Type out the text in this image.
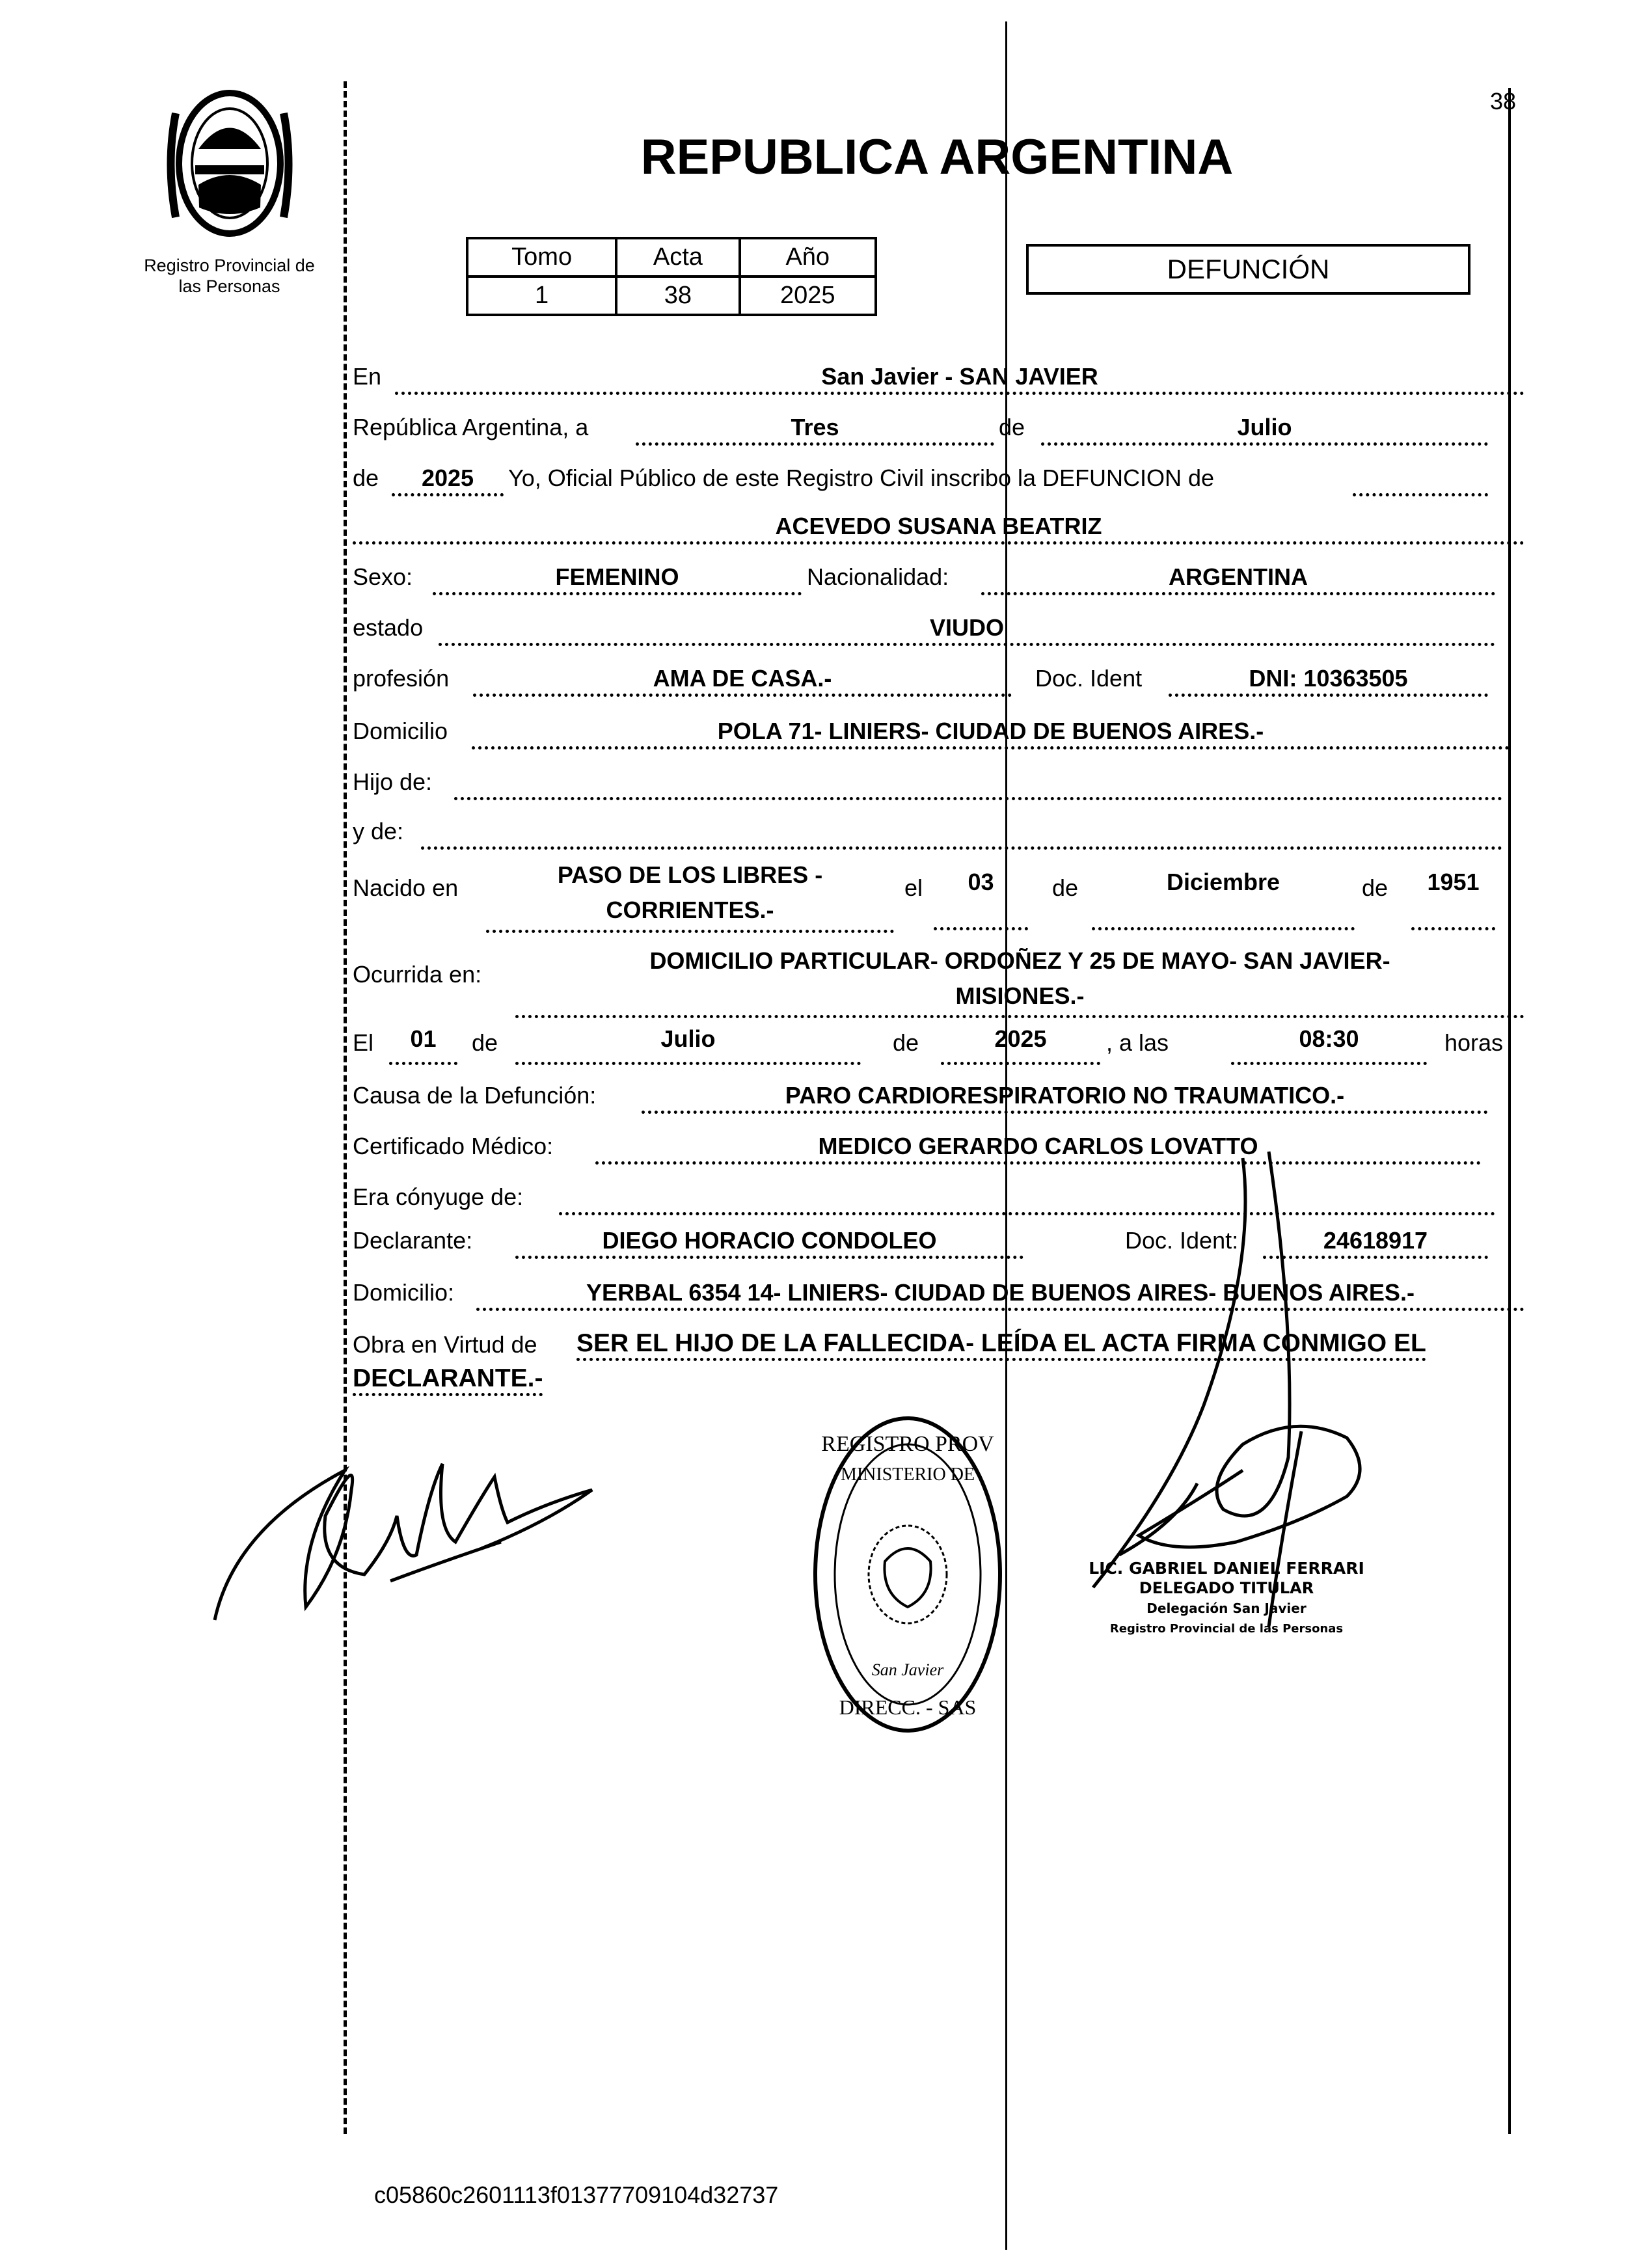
38
Registro Provincial de
las Personas
REPUBLICA ARGENTINA
Tomo	Acta	Año
1	38	2025
DEFUNCIÓN
En	San Javier - SAN JAVIER
República Argentina, a	Tres	de	Julio
de	2025	Yo, Oficial Público de este Registro Civil inscribo la DEFUNCION de
ACEVEDO SUSANA BEATRIZ
Sexo:	FEMENINO	Nacionalidad:	ARGENTINA
estado	VIUDO
profesión	AMA DE CASA.-	Doc. Ident	DNI: 10363505
Domicilio	POLA 71- LINIERS- CIUDAD DE BUENOS AIRES.-
Hijo de:
y de:
Nacido en	PASO DE LOS LIBRES -
CORRIENTES.-
el	03	de	Diciembre	de	1951
Ocurrida en:
DOMICILIO PARTICULAR- ORDOÑEZ Y 25 DE MAYO- SAN JAVIER-
MISIONES.-
El	01	de	Julio	de	2025	, a las	08:30	horas
Causa de la Defunción:	PARO CARDIORESPIRATORIO NO TRAUMATICO.-
Certificado Médico:	MEDICO GERARDO CARLOS LOVATTO
Era cónyuge de:
Declarante:	DIEGO HORACIO CONDOLEO	Doc. Ident:	24618917
Domicilio:	YERBAL 6354 14- LINIERS- CIUDAD DE BUENOS AIRES- BUENOS AIRES.-
Obra en Virtud de SER EL HIJO DE LA FALLECIDA- LEÍDA EL ACTA FIRMA CONMIGO EL
DECLARANTE.-
REGISTRO PROV
MINISTERIO DE
San Javier
DIRECC. - SAS
LIC. GABRIEL DANIEL FERRARI
DELEGADO TITULAR
Delegación San Javier
Registro Provincial de las Personas
c05860c2601113f01377709104d32737
